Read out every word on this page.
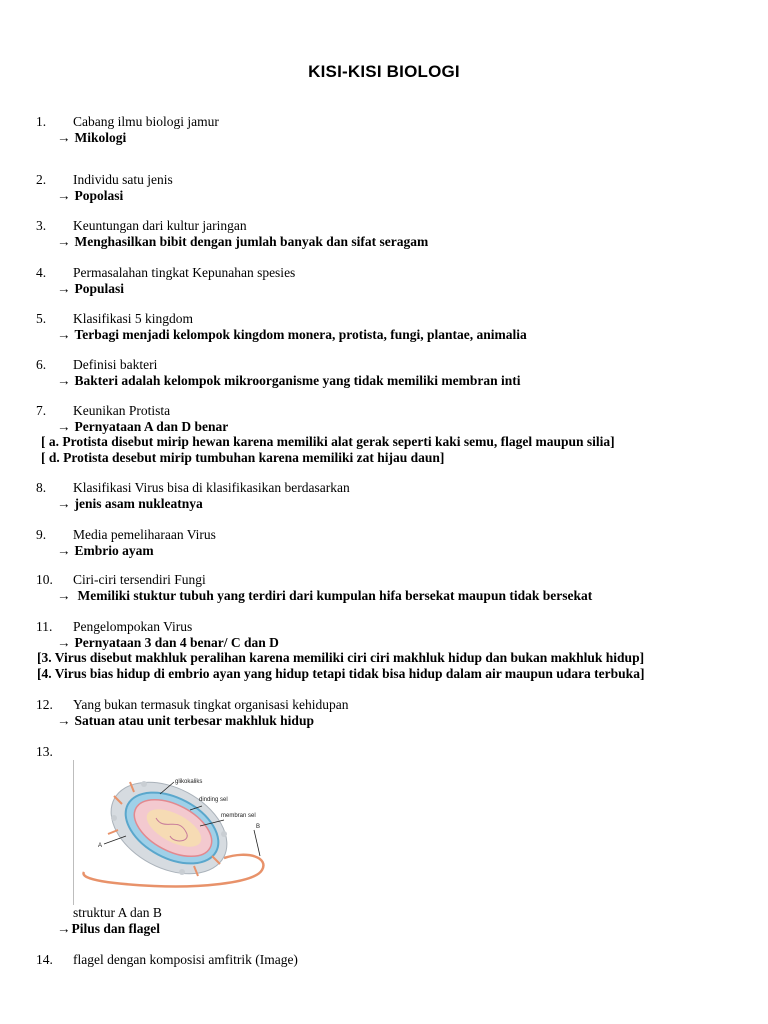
KISI-KISI BIOLOGI
1. Cabang ilmu biologi jamur
→ Mikologi
2. Individu satu jenis
→ Popolasi
3. Keuntungan dari kultur jaringan
→ Menghasilkan bibit dengan jumlah banyak dan sifat seragam
4. Permasalahan tingkat Kepunahan spesies
→ Populasi
5. Klasifikasi 5 kingdom
→ Terbagi menjadi kelompok kingdom monera, protista, fungi, plantae, animalia
6. Definisi bakteri
→ Bakteri adalah kelompok mikroorganisme yang tidak memiliki membran inti
7. Keunikan Protista
→ Pernyataan A dan D benar
[ a. Protista disebut mirip hewan karena memiliki alat gerak seperti kaki semu, flagel maupun silia]
[ d. Protista desebut mirip tumbuhan karena memiliki zat hijau daun]
8. Klasifikasi Virus bisa di klasifikasikan berdasarkan
→ jenis asam nukleatnya
9. Media pemeliharaan Virus
→ Embrio ayam
10. Ciri-ciri tersendiri Fungi
→ Memiliki stuktur tubuh yang terdiri dari kumpulan hifa bersekat maupun tidak bersekat
11. Pengelompokan Virus
→ Pernyataan 3 dan 4 benar/ C dan D
[3. Virus disebut makhluk peralihan karena memiliki ciri ciri makhluk hidup dan bukan makhluk hidup]
[4. Virus bias hidup di embrio ayan yang hidup tetapi tidak bisa hidup dalam air maupun udara terbuka]
12. Yang bukan termasuk tingkat organisasi kehidupan
→ Satuan atau unit terbesar makhluk hidup
13.
glikokaliks
dinding sel
membran sel
A
B
struktur A dan B
→Pilus dan flagel
14. flagel dengan komposisi amfitrik (Image)
